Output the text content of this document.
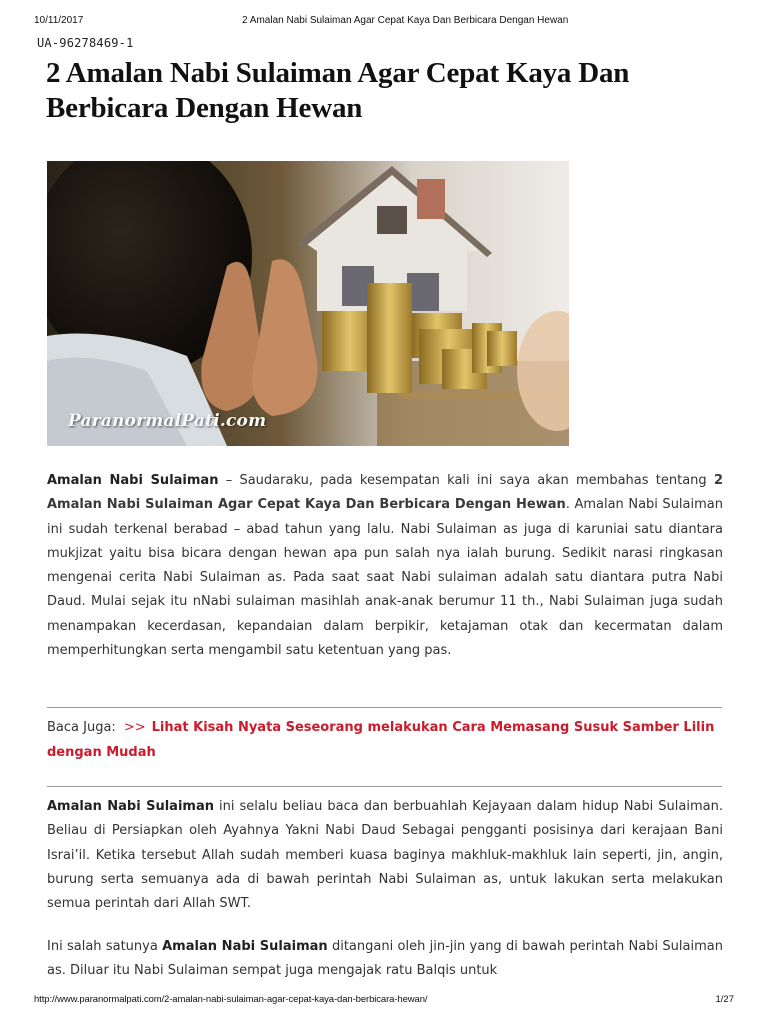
10/11/2017	2 Amalan Nabi Sulaiman Agar Cepat Kaya Dan Berbicara Dengan Hewan
UA-96278469-1
2 Amalan Nabi Sulaiman Agar Cepat Kaya Dan Berbicara Dengan Hewan
ParanormalPati.com
Amalan Nabi Sulaiman – Saudaraku, pada kesempatan kali ini saya akan membahas tentang 2 Amalan Nabi Sulaiman Agar Cepat Kaya Dan Berbicara Dengan Hewan. Amalan Nabi Sulaiman ini sudah terkenal berabad – abad tahun yang lalu. Nabi Sulaiman as juga di karuniai satu diantara mukjizat yaitu bisa bicara dengan hewan apa pun salah nya ialah burung. Sedikit narasi ringkasan mengenai cerita Nabi Sulaiman as. Pada saat saat Nabi sulaiman adalah satu diantara putra Nabi Daud. Mulai sejak itu nNabi sulaiman masihlah anak-anak berumur 11 th., Nabi Sulaiman juga sudah menampakan kecerdasan, kepandaian dalam berpikir, ketajaman otak dan kecermatan dalam memperhitungkan serta mengambil satu ketentuan yang pas.
Baca Juga: >> Lihat Kisah Nyata Seseorang melakukan Cara Memasang Susuk Samber Lilin dengan Mudah
Amalan Nabi Sulaiman ini selalu beliau baca dan berbuahlah Kejayaan dalam hidup Nabi Sulaiman. Beliau di Persiapkan oleh Ayahnya Yakni Nabi Daud Sebagai pengganti posisinya dari kerajaan Bani Israi’il. Ketika tersebut Allah sudah memberi kuasa baginya makhluk-makhluk lain seperti, jin, angin, burung serta semuanya ada di bawah perintah Nabi Sulaiman as, untuk lakukan serta melakukan semua perintah dari Allah SWT.
Ini salah satunya Amalan Nabi Sulaiman ditangani oleh jin-jin yang di bawah perintah Nabi Sulaiman as. Diluar itu Nabi Sulaiman sempat juga mengajak ratu Balqis untuk
http://www.paranormalpati.com/2-amalan-nabi-sulaiman-agar-cepat-kaya-dan-berbicara-hewan/	1/27
